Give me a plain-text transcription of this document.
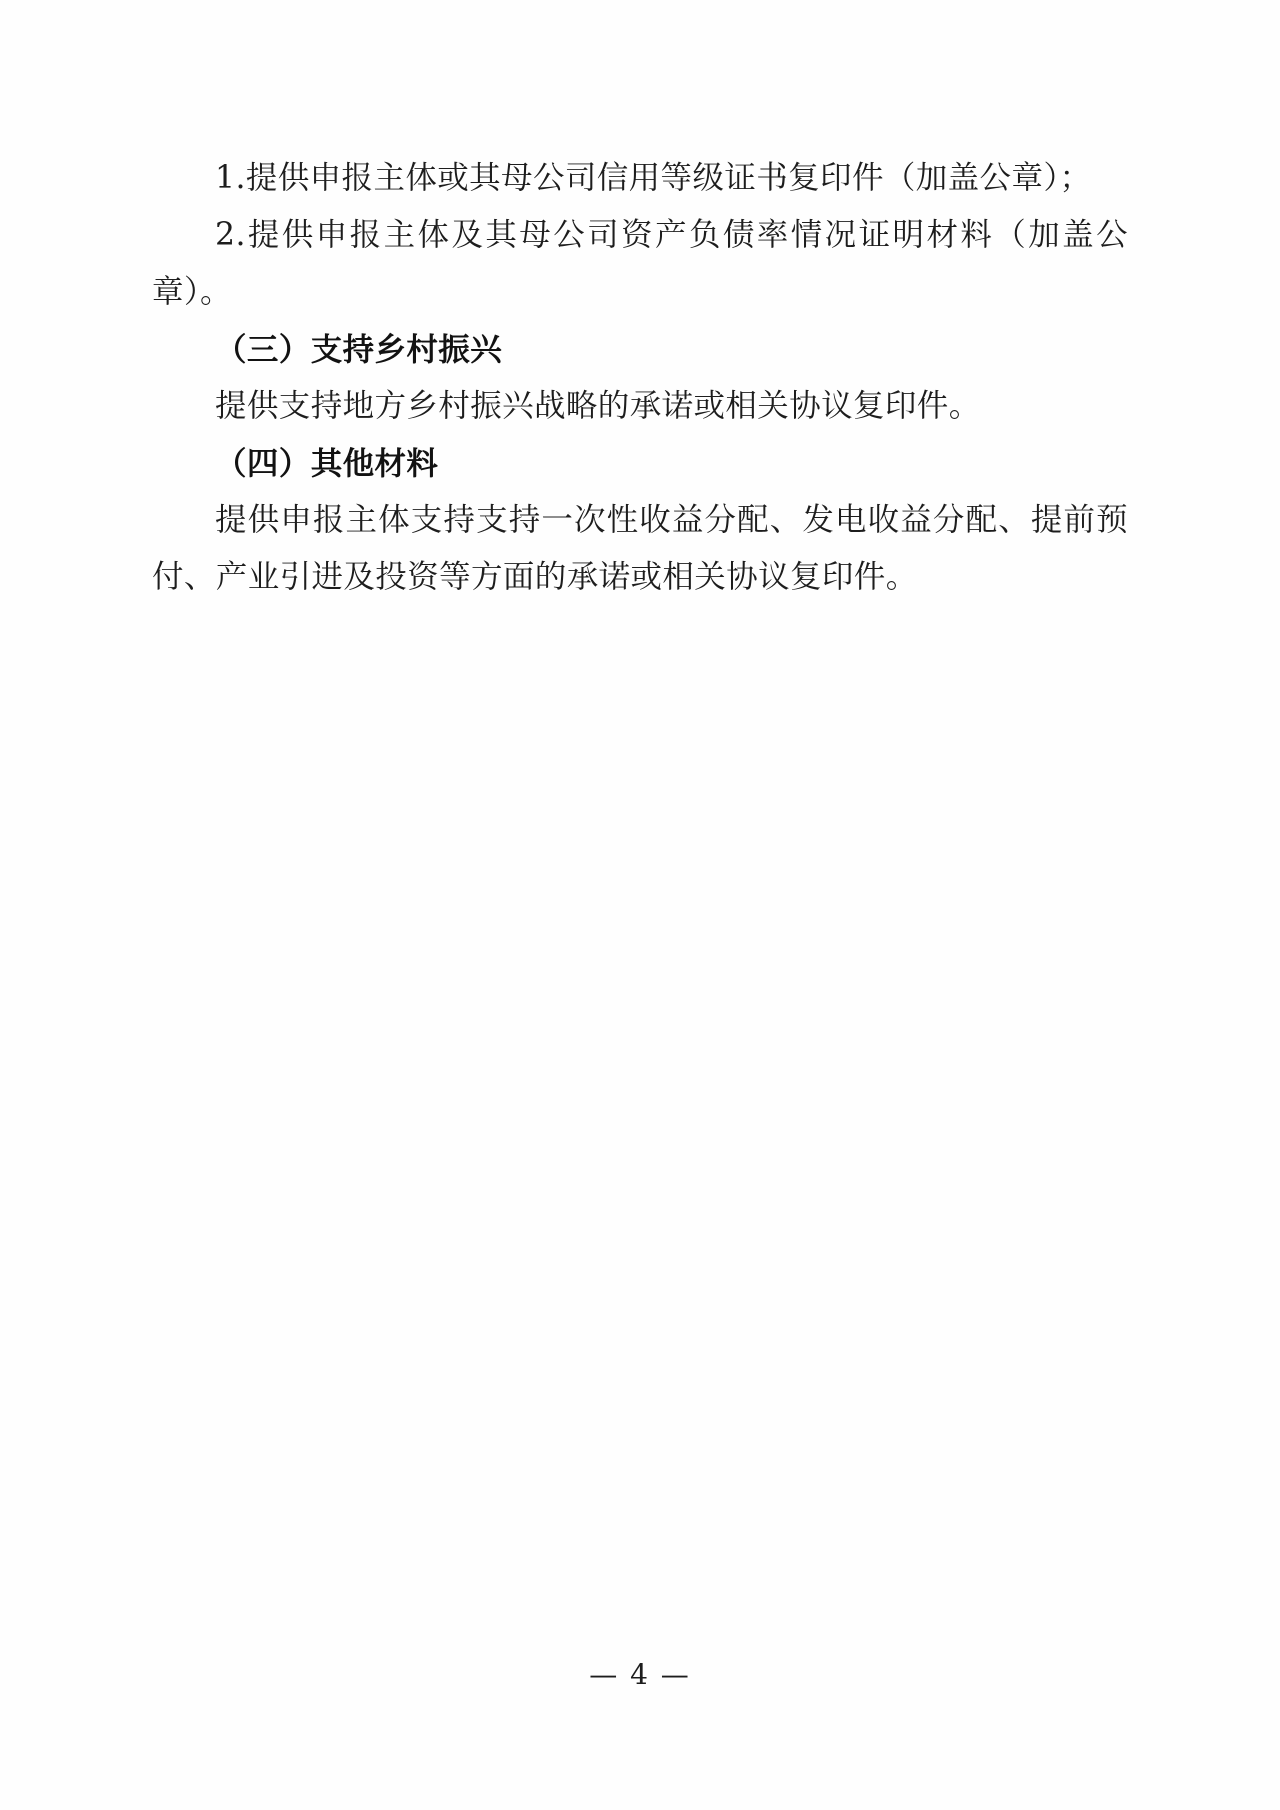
1.提供申报主体或其母公司信用等级证书复印件（加盖公章）；

2.提供申报主体及其母公司资产负债率情况证明材料（加盖公章）。

（三）支持乡村振兴

提供支持地方乡村振兴战略的承诺或相关协议复印件。

（四）其他材料

提供申报主体支持支持一次性收益分配、发电收益分配、提前预付、产业引进及投资等方面的承诺或相关协议复印件。

— 4 —
